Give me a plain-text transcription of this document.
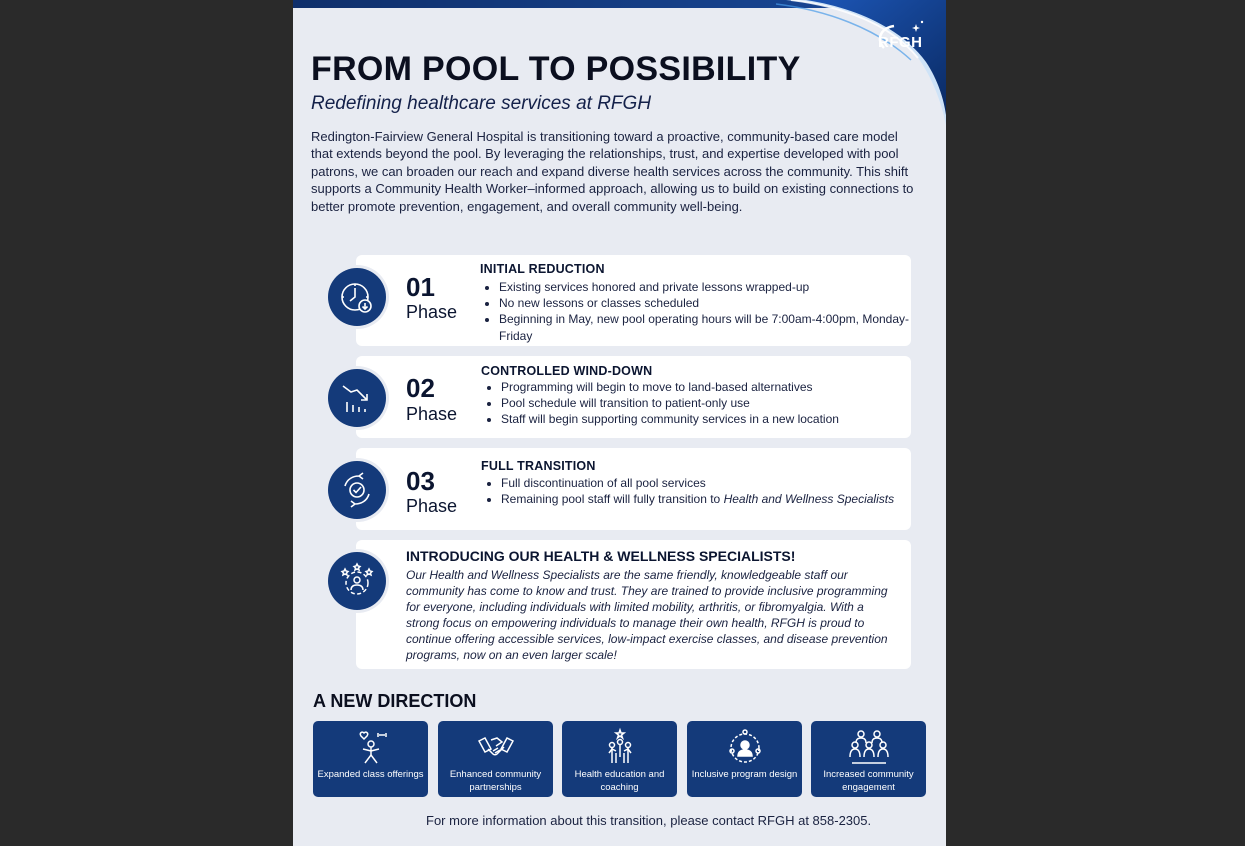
RFGH
FROM POOL TO POSSIBILITY
Redefining healthcare services at RFGH

Redington-Fairview General Hospital is transitioning toward a proactive, community-based care model that extends beyond the pool. By leveraging the relationships, trust, and expertise developed with pool patrons, we can broaden our reach and expand diverse health services across the community. This shift supports a Community Health Worker–informed approach, allowing us to build on existing connections to better promote prevention, engagement, and overall community well-being.

01
Phase
INITIAL REDUCTION
• Existing services honored and private lessons wrapped-up
• No new lessons or classes scheduled
• Beginning in May, new pool operating hours will be 7:00am-4:00pm, Monday-Friday
02
Phase
CONTROLLED WIND-DOWN
• Programming will begin to move to land-based alternatives
• Pool schedule will transition to patient-only use
• Staff will begin supporting community services in a new location
03
Phase
FULL TRANSITION
• Full discontinuation of all pool services
• Remaining pool staff will fully transition to Health and Wellness Specialists
INTRODUCING OUR HEALTH & WELLNESS SPECIALISTS!
Our Health and Wellness Specialists are the same friendly, knowledgeable staff our community has come to know and trust. They are trained to provide inclusive programming for everyone, including individuals with limited mobility, arthritis, or fibromyalgia. With a strong focus on empowering individuals to manage their own health, RFGH is proud to continue offering accessible services, low-impact exercise classes, and disease prevention programs, now on an even larger scale!
A NEW DIRECTION
Expanded class offerings	Enhanced community partnerships
Health education and coaching
Inclusive program design	Increased community engagement
For more information about this transition, please contact RFGH at 858-2305.
